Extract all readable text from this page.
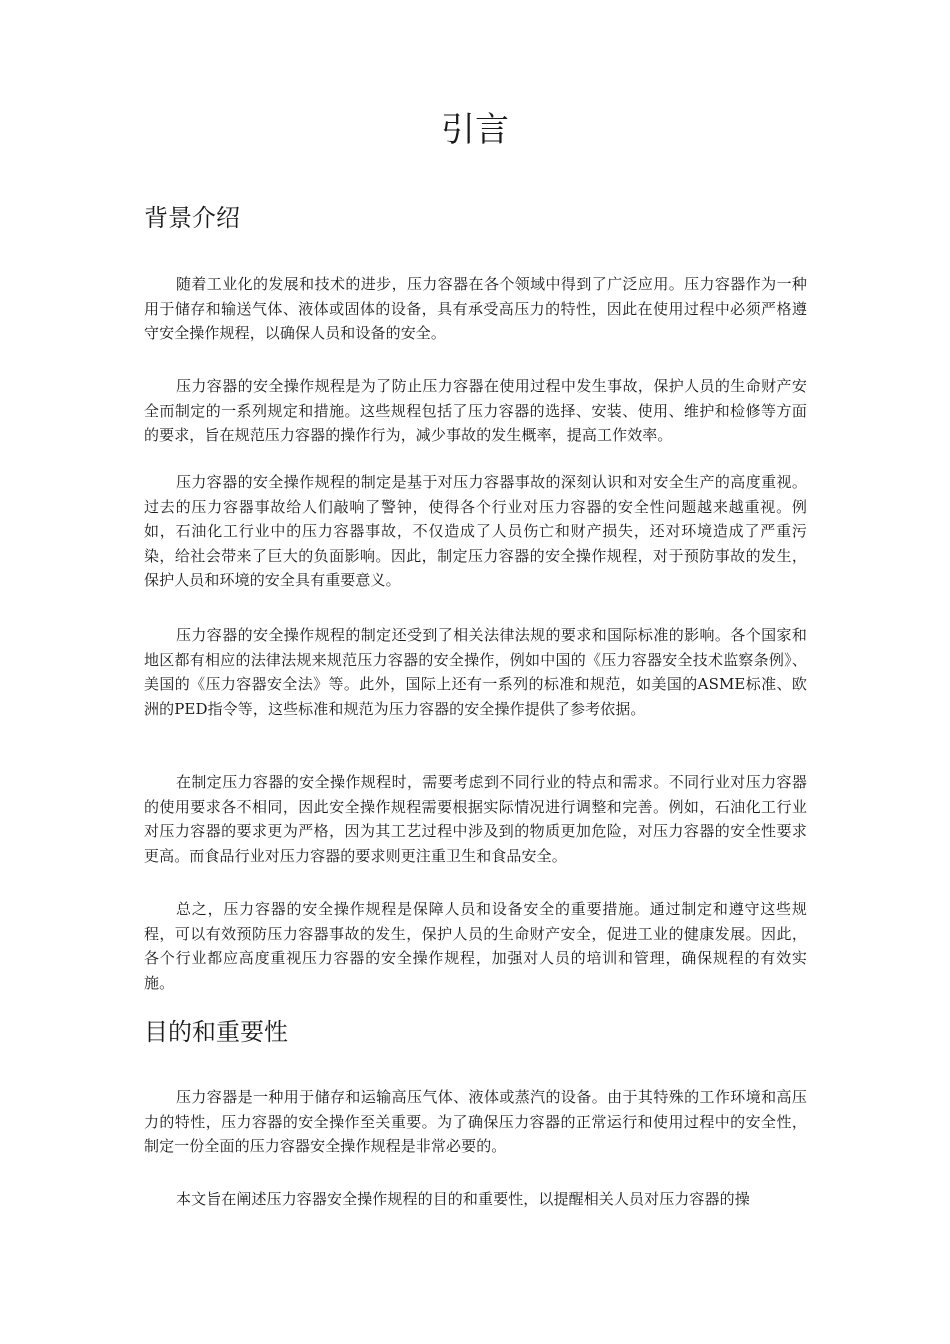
引言
背景介绍

随着工业化的发展和技术的进步，压力容器在各个领域中得到了广泛应用。压力容器作为一种用于储存和输送气体、液体或固体的设备，具有承受高压力的特性，因此在使用过程中必须严格遵守安全操作规程，以确保人员和设备的安全。

压力容器的安全操作规程是为了防止压力容器在使用过程中发生事故，保护人员的生命财产安全而制定的一系列规定和措施。这些规程包括了压力容器的选择、安装、使用、维护和检修等方面的要求，旨在规范压力容器的操作行为，减少事故的发生概率，提高工作效率。

压力容器的安全操作规程的制定是基于对压力容器事故的深刻认识和对安全生产的高度重视。过去的压力容器事故给人们敲响了警钟，使得各个行业对压力容器的安全性问题越来越重视。例如，石油化工行业中的压力容器事故，不仅造成了人员伤亡和财产损失，还对环境造成了严重污染，给社会带来了巨大的负面影响。因此，制定压力容器的安全操作规程，对于预防事故的发生，保护人员和环境的安全具有重要意义。

压力容器的安全操作规程的制定还受到了相关法律法规的要求和国际标准的影响。各个国家和地区都有相应的法律法规来规范压力容器的安全操作，例如中国的《压力容器安全技术监察条例》、美国的《压力容器安全法》等。此外，国际上还有一系列的标准和规范，如美国的ASME标准、欧洲的PED指令等，这些标准和规范为压力容器的安全操作提供了参考依据。

在制定压力容器的安全操作规程时，需要考虑到不同行业的特点和需求。不同行业对压力容器的使用要求各不相同，因此安全操作规程需要根据实际情况进行调整和完善。例如，石油化工行业对压力容器的要求更为严格，因为其工艺过程中涉及到的物质更加危险，对压力容器的安全性要求更高。而食品行业对压力容器的要求则更注重卫生和食品安全。

总之，压力容器的安全操作规程是保障人员和设备安全的重要措施。通过制定和遵守这些规程，可以有效预防压力容器事故的发生，保护人员的生命财产安全，促进工业的健康发展。因此，各个行业都应高度重视压力容器的安全操作规程，加强对人员的培训和管理，确保规程的有效实施。

目的和重要性

压力容器是一种用于储存和运输高压气体、液体或蒸汽的设备。由于其特殊的工作环境和高压力的特性，压力容器的安全操作至关重要。为了确保压力容器的正常运行和使用过程中的安全性，制定一份全面的压力容器安全操作规程是非常必要的。

本文旨在阐述压力容器安全操作规程的目的和重要性，以提醒相关人员对压力容器的操
